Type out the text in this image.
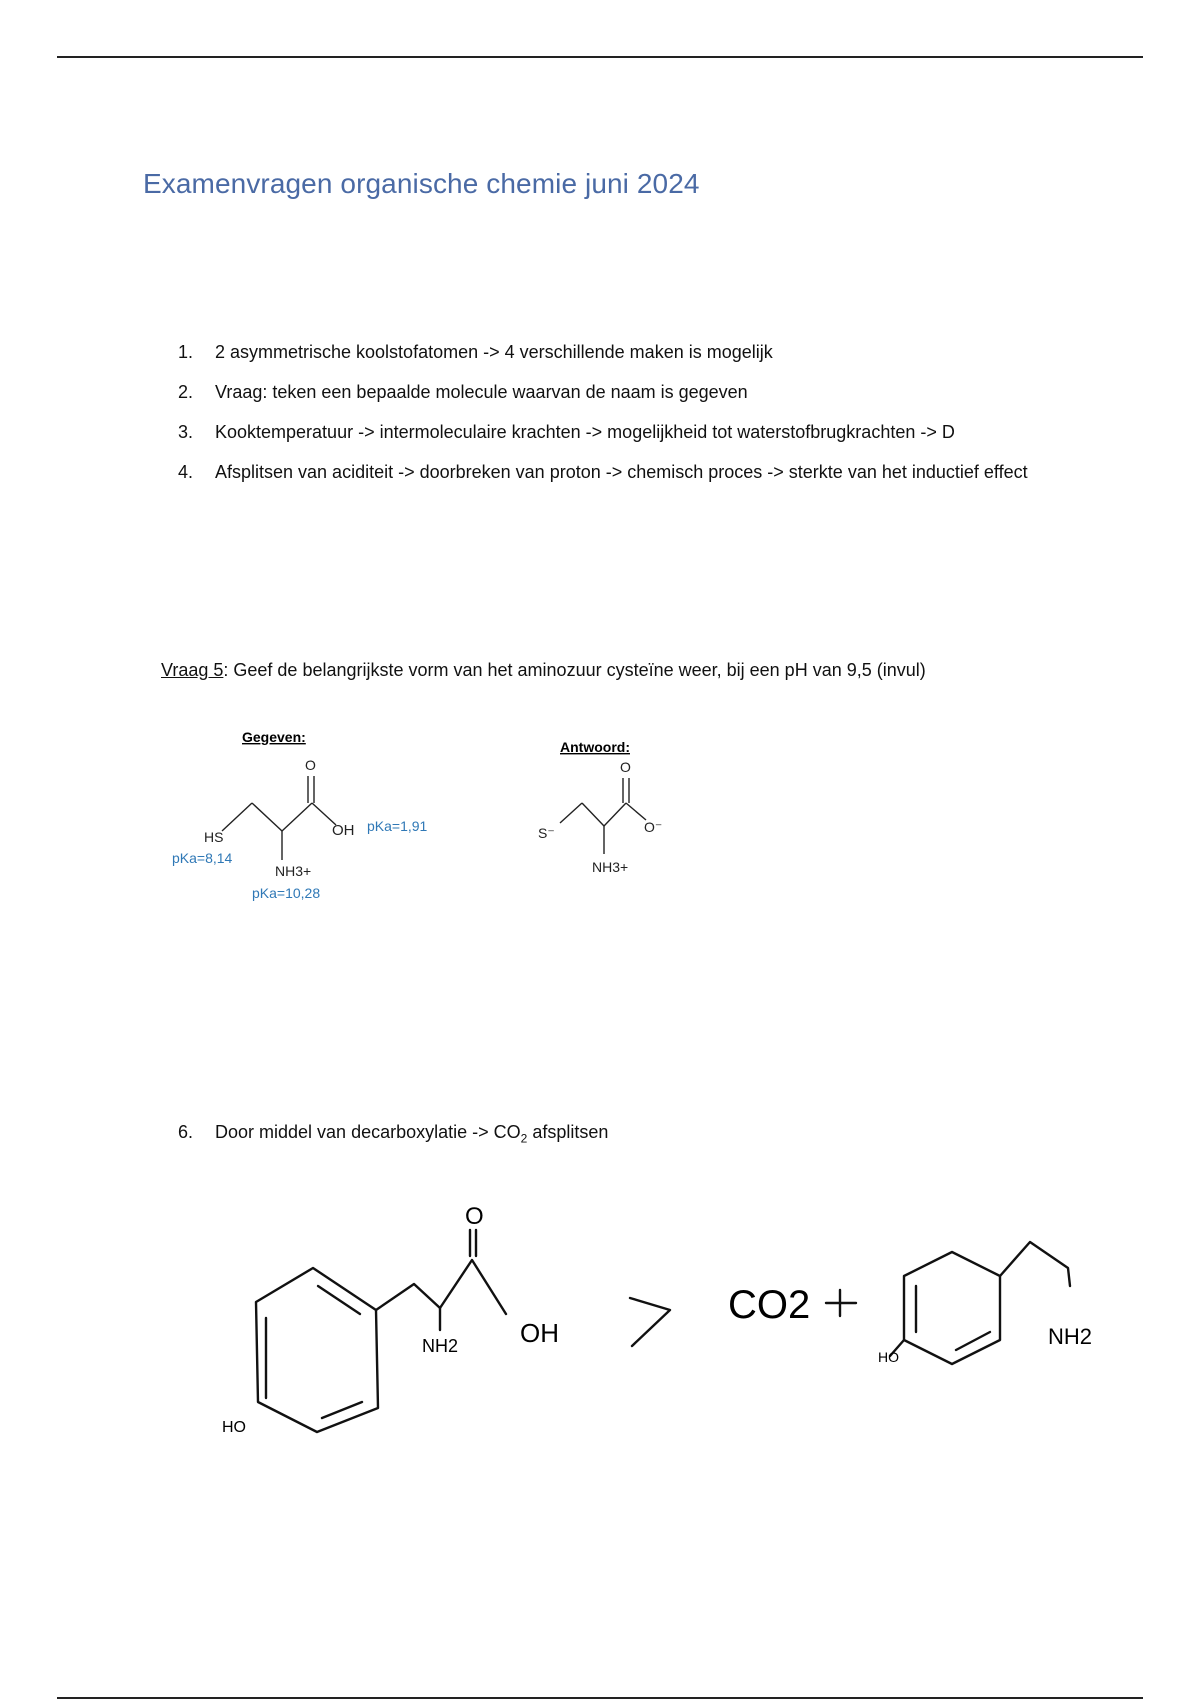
Examenvragen organische chemie juni 2024
1.	2 asymmetrische koolstofatomen -> 4 verschillende maken is mogelijk
2.	Vraag: teken een bepaalde molecule waarvan de naam is gegeven
3.	Kooktemperatuur -> intermoleculaire krachten -> mogelijkheid tot waterstofbrugkrachten -> D
4.	Afsplitsen van aciditeit -> doorbreken van proton -> chemisch proces -> sterkte van het inductief effect
Vraag 5: Geef de belangrijkste vorm van het aminozuur cysteïne weer, bij een pH van 9,5 (invul)
Gegeven:
O
OH
HS
NH3+
pKa=1,91
pKa=8,14
pKa=10,28
Antwoord:
O
O⁻
S⁻
NH3+
6.	Door middel van decarboxylatie -> $CO_2$ afsplitsen
O
OH
NH2
HO
CO2
HO
NH2
